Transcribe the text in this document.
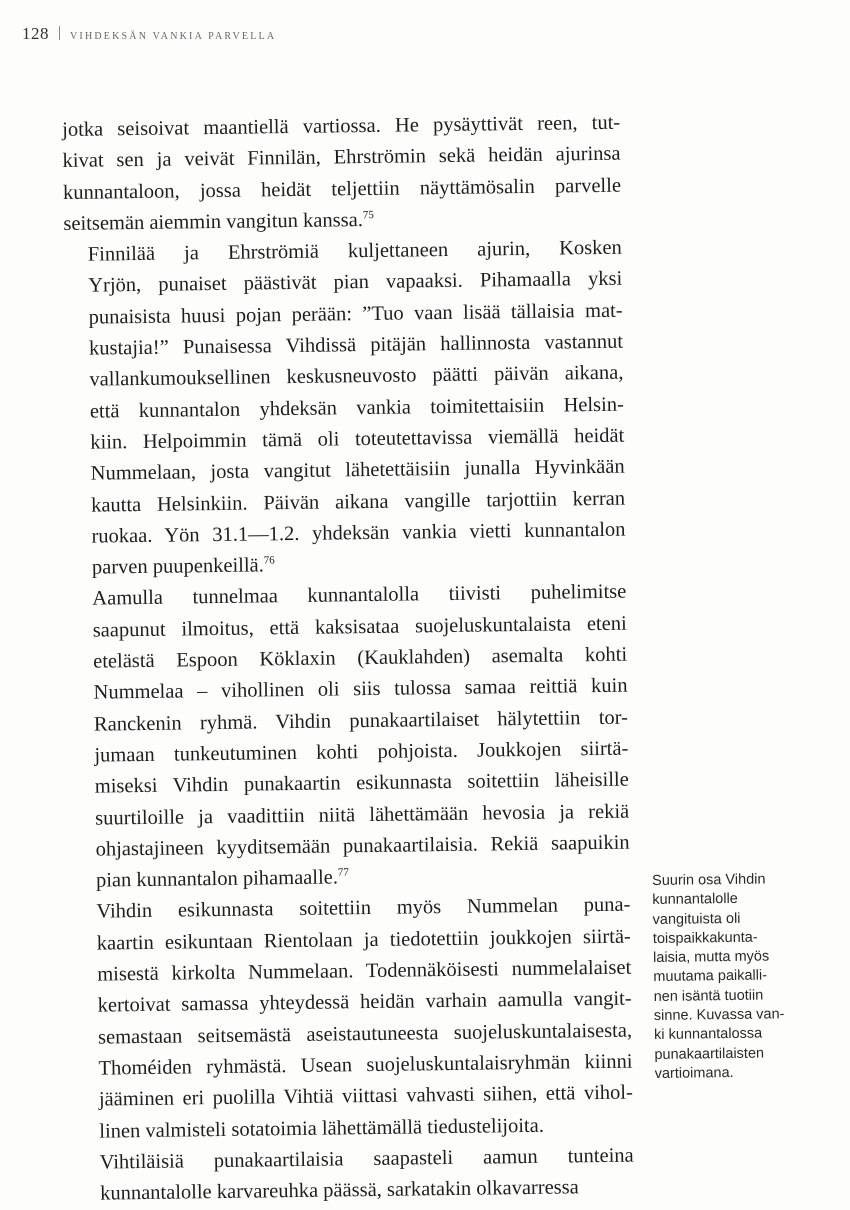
128 VIHDEKSÄN VANKIA PARVELLA

jotka seisoivat maantiellä vartiossa. He pysäyttivät reen, tut-
kivat sen ja veivät Finnilän, Ehrströmin sekä heidän ajurinsa
kunnantaloon, jossa heidät teljettiin näyttämösalin parvelle
seitsemän aiemmin vangitun kanssa.$^{75}$

Finnilää ja Ehrströmiä kuljettaneen ajurin, Kosken
Yrjön, punaiset päästivät pian vapaaksi. Pihamaalla yksi
punaisista huusi pojan perään: ”Tuo vaan lisää tällaisia mat-
kustajia!” Punaisessa Vihdissä pitäjän hallinnosta vastannut
vallankumouksellinen keskusneuvosto päätti päivän aikana,
että kunnantalon yhdeksän vankia toimitettaisiin Helsin-
kiin. Helpoimmin tämä oli toteutettavissa viemällä heidät
Nummelaan, josta vangitut lähetettäisiin junalla Hyvinkään
kautta Helsinkiin. Päivän aikana vangille tarjottiin kerran
ruokaa. Yön 31.1—1.2. yhdeksän vankia vietti kunnantalon
parven puupenkeillä.$^{76}$

Aamulla tunnelmaa kunnantalolla tiivisti puhelimitse
saapunut ilmoitus, että kaksisataa suojeluskuntalaista eteni
etelästä Espoon Köklaxin (Kauklahden) asemalta kohti
Nummelaa – vihollinen oli siis tulossa samaa reittiä kuin
Ranckenin ryhmä. Vihdin punakaartilaiset hälytettiin tor-
jumaan tunkeutuminen kohti pohjoista. Joukkojen siirtä-
miseksi Vihdin punakaartin esikunnasta soitettiin läheisille
suurtiloille ja vaadittiin niitä lähettämään hevosia ja rekiä
ohjastajineen kyyditsemään punakaartilaisia. Rekiä saapuikin
pian kunnantalon pihamaalle.$^{77}$

Vihdin esikunnasta soitettiin myös Nummelan puna-
kaartin esikuntaan Rientolaan ja tiedotettiin joukkojen siirtä-
misestä kirkolta Nummelaan. Todennäköisesti nummelalaiset
kertoivat samassa yhteydessä heidän varhain aamulla vangit-
semastaan seitsemästä aseistautuneesta suojeluskuntalaisesta,
Thoméiden ryhmästä. Usean suojeluskuntalaisryhmän kiinni
jääminen eri puolilla Vihtiä viittasi vahvasti siihen, että vihol-
linen valmisteli sotatoimia lähettämällä tiedustelijoita.

Vihtiläisiä punakaartilaisia saapasteli aamun tunteina
kunnantalolle karvareuhka päässä, sarkatakin olkavarressa

Suurin osa Vihdin
kunnantalolle
vangituista oli
toispaikkakunta-
laisia, mutta myös
muutama paikalli-
nen isäntä tuotiin
sinne. Kuvassa van-
ki kunnantalossa
punakaartilaisten
vartioimana.
